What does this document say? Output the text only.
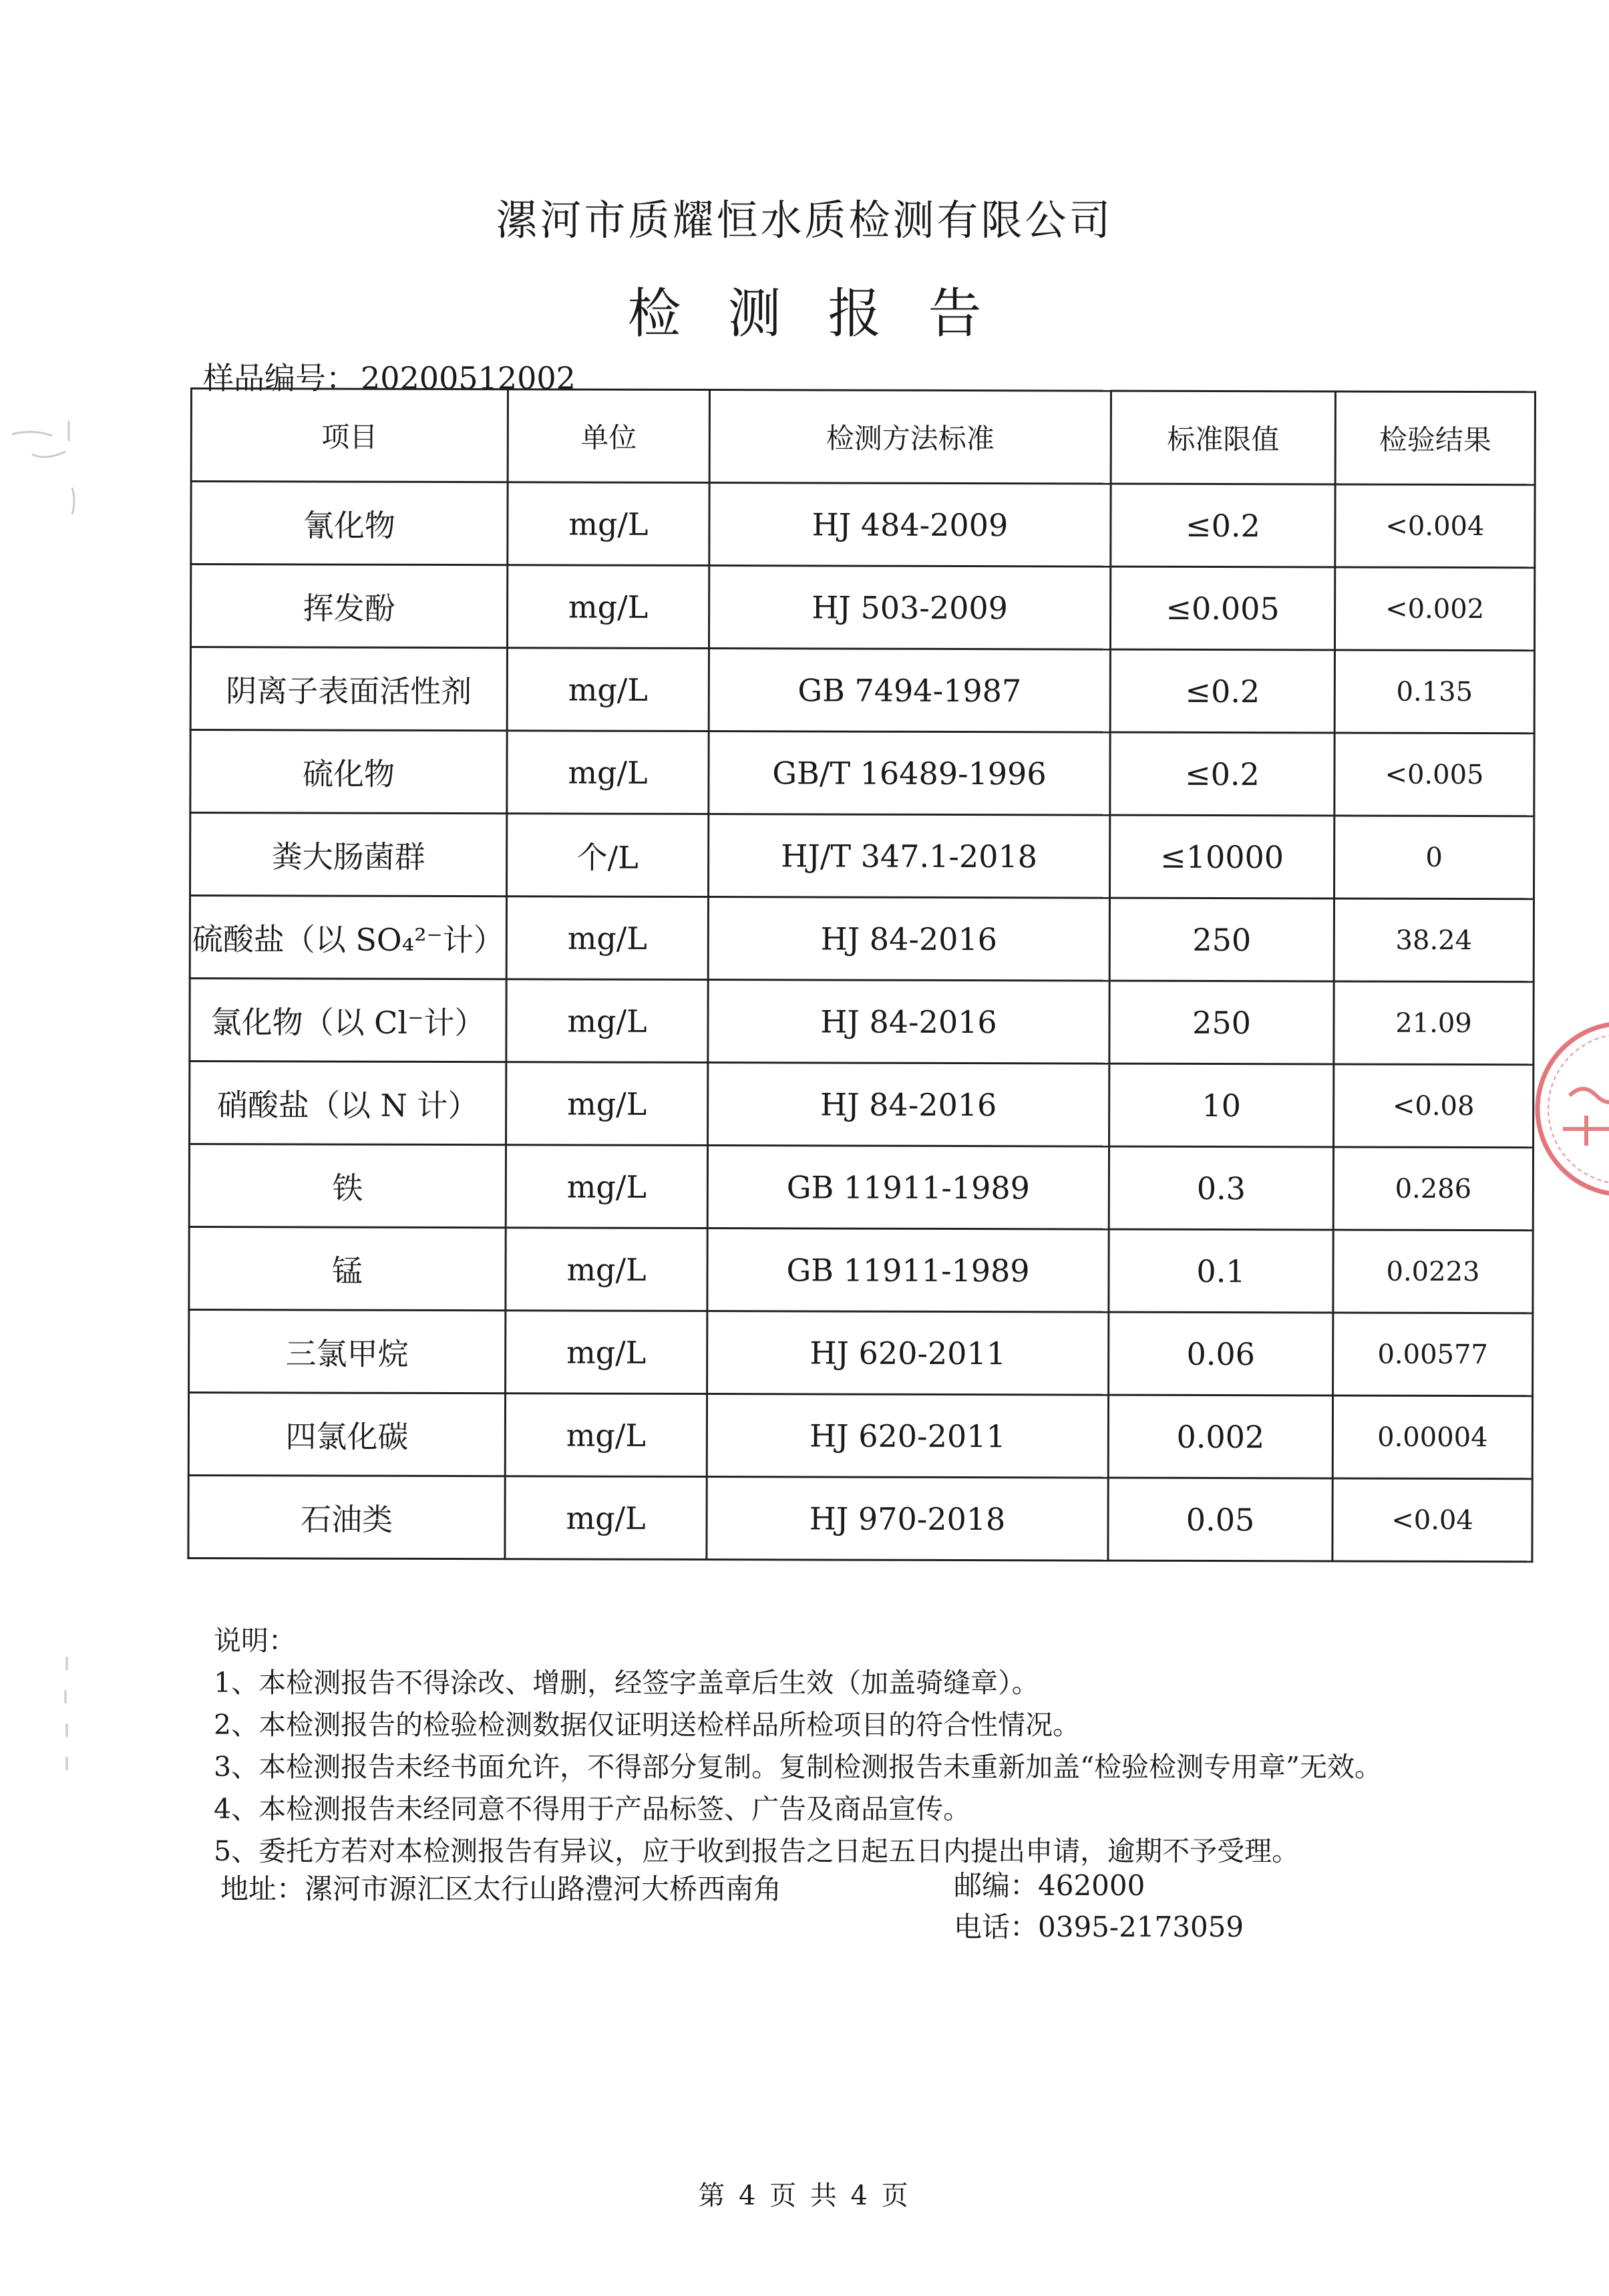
漯河市质耀恒水质检测有限公司
检测报告
样品编号： 20200512002
项目	单位	检测方法标准	标准限值	检验结果
氰化物	mg/L	HJ 484-2009	≤0.2	<0.004
挥发酚	mg/L	HJ 503-2009	≤0.005	<0.002
阴离子表面活性剂	mg/L	GB 7494-1987	≤0.2	0.135
硫化物	mg/L	GB/T 16489-1996	≤0.2	<0.005
粪大肠菌群	个/L	HJ/T 347.1-2018	≤10000	0
硫酸盐（以 SO₄²⁻计）	mg/L	HJ 84-2016	250	38.24
氯化物（以 Cl⁻计）	mg/L	HJ 84-2016	250	21.09
硝酸盐（以 N 计）	mg/L	HJ 84-2016	10	<0.08
铁	mg/L	GB 11911-1989	0.3	0.286
锰	mg/L	GB 11911-1989	0.1	0.0223
三氯甲烷	mg/L	HJ 620-2011	0.06	0.00577
四氯化碳	mg/L	HJ 620-2011	0.002	0.00004
石油类	mg/L	HJ 970-2018	0.05	<0.04
说明：
1、本检测报告不得涂改、增删，经签字盖章后生效（加盖骑缝章）。
2、本检测报告的检验检测数据仅证明送检样品所检项目的符合性情况。
3、本检测报告未经书面允许，不得部分复制。复制检测报告未重新加盖“检验检测专用章”无效。
4、本检测报告未经同意不得用于产品标签、广告及商品宣传。
5、委托方若对本检测报告有异议，应于收到报告之日起五日内提出申请，逾期不予受理。
地址：漯河市源汇区太行山路澧河大桥西南角	邮编：462000
电话：0395-2173059
第 4 页 共 4 页
